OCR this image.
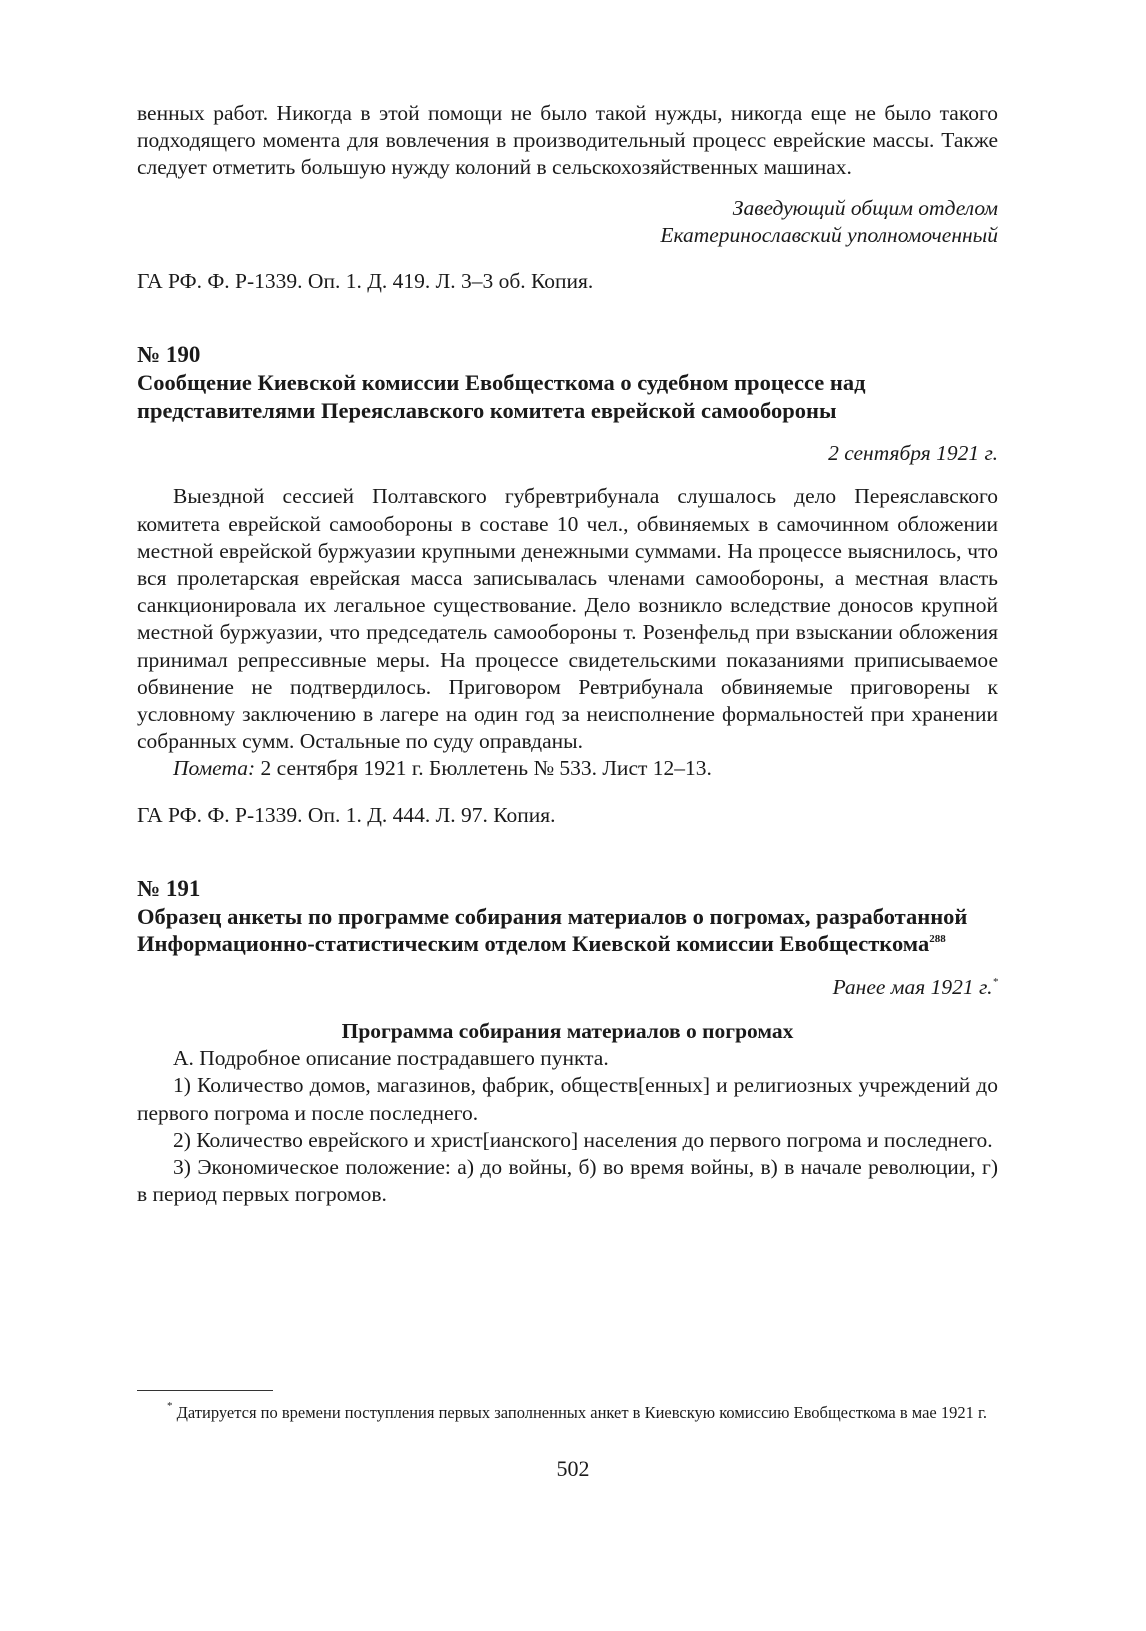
венных работ. Никогда в этой помощи не было такой нужды, никогда еще не было такого подходящего момента для вовлечения в производительный процесс еврейские массы. Также следует отметить большую нужду колоний в сельскохозяйственных машинах.

Заведующий общим отделом

Екатеринославский уполномоченный

ГА РФ. Ф. Р-1339. Оп. 1. Д. 419. Л. 3–3 об. Копия.

№ 190

Сообщение Киевской комиссии Евобщесткома о судебном процессе над представителями Переяславского комитета еврейской самообороны

2 сентября 1921 г.

Выездной сессией Полтавского губревтрибунала слушалось дело Переяславского комитета еврейской самообороны в составе 10 чел., обвиняемых в самочинном обложении местной еврейской буржуазии крупными денежными суммами. На процессе выяснилось, что вся пролетарская еврейская масса записывалась членами самообороны, а местная власть санкционировала их легальное существование. Дело возникло вследствие доносов крупной местной буржуазии, что председатель самообороны т. Розенфельд при взыскании обложения принимал репрессивные меры. На процессе свидетельскими показаниями приписываемое обвинение не подтвердилось. Приговором Ревтрибунала обвиняемые приговорены к условному заключению в лагере на один год за неисполнение формальностей при хранении собранных сумм. Остальные по суду оправданы.

Помета: 2 сентября 1921 г. Бюллетень № 533. Лист 12–13.

ГА РФ. Ф. Р-1339. Оп. 1. Д. 444. Л. 97. Копия.

№ 191

Образец анкеты по программе собирания материалов о погромах, разработанной Информационно-статистическим отделом Киевской комиссии Евобщесткома$^{288}$

Ранее мая 1921 г.*

Программа собирания материалов о погромах

А. Подробное описание пострадавшего пункта.

1) Количество домов, магазинов, фабрик, обществ[енных] и религиозных учреждений до первого погрома и после последнего.

2) Количество еврейского и христ[ианского] населения до первого погрома и последнего.

3) Экономическое положение: а) до войны, б) во время войны, в) в начале революции, г) в период первых погромов.

* Датируется по времени поступления первых заполненных анкет в Киевскую комиссию Евобщесткома в мае 1921 г.

502
